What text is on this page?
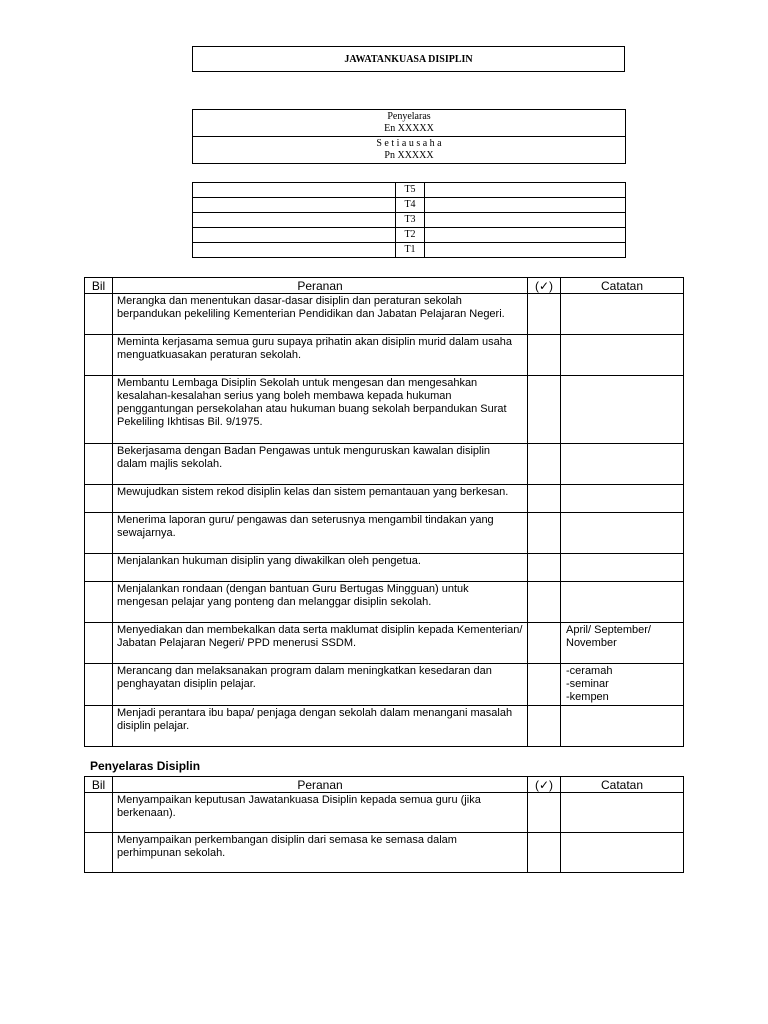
JAWATANKUASA DISIPLIN
Penyelaras
En XXXXX

S e t i a u s a h a
Pn XXXXX
	T5	
	T4	
	T3	
	T2	
	T1	
Bil	Peranan	(✓)	Catatan
	Merangka dan menentukan dasar-dasar disiplin dan peraturan sekolah berpandukan pekeliling Kementerian Pendidikan dan Jabatan Pelajaran Negeri.		
	Meminta kerjasama semua guru supaya prihatin akan disiplin murid dalam usaha menguatkuasakan peraturan sekolah.		
	Membantu Lembaga Disiplin Sekolah untuk mengesan dan mengesahkan kesalahan-kesalahan serius yang boleh membawa kepada hukuman penggantungan persekolahan atau hukuman buang sekolah berpandukan Surat Pekeliling Ikhtisas Bil. 9/1975.		
	Bekerjasama dengan Badan Pengawas untuk menguruskan kawalan disiplin dalam majlis sekolah.		
	Mewujudkan sistem rekod disiplin kelas dan sistem pemantauan yang berkesan.		
	Menerima laporan guru/ pengawas dan seterusnya mengambil tindakan yang sewajarnya.		
	Menjalankan hukuman disiplin yang diwakilkan oleh pengetua.		
	Menjalankan rondaan (dengan bantuan Guru Bertugas Mingguan) untuk mengesan pelajar yang ponteng dan melanggar disiplin sekolah.		
	Menyediakan dan membekalkan data serta maklumat disiplin kepada Kementerian/ Jabatan Pelajaran Negeri/ PPD menerusi SSDM.		April/ September/ November
	Merancang dan melaksanakan program dalam meningkatkan kesedaran dan penghayatan disiplin pelajar.		-ceramah
-seminar
-kempen
	Menjadi perantara ibu bapa/ penjaga dengan sekolah dalam menangani masalah disiplin pelajar.		
Penyelaras Disiplin
Bil	Peranan	(✓)	Catatan
	Menyampaikan keputusan Jawatankuasa Disiplin kepada semua guru (jika berkenaan).		
	Menyampaikan perkembangan disiplin dari semasa ke semasa dalam perhimpunan sekolah.		
